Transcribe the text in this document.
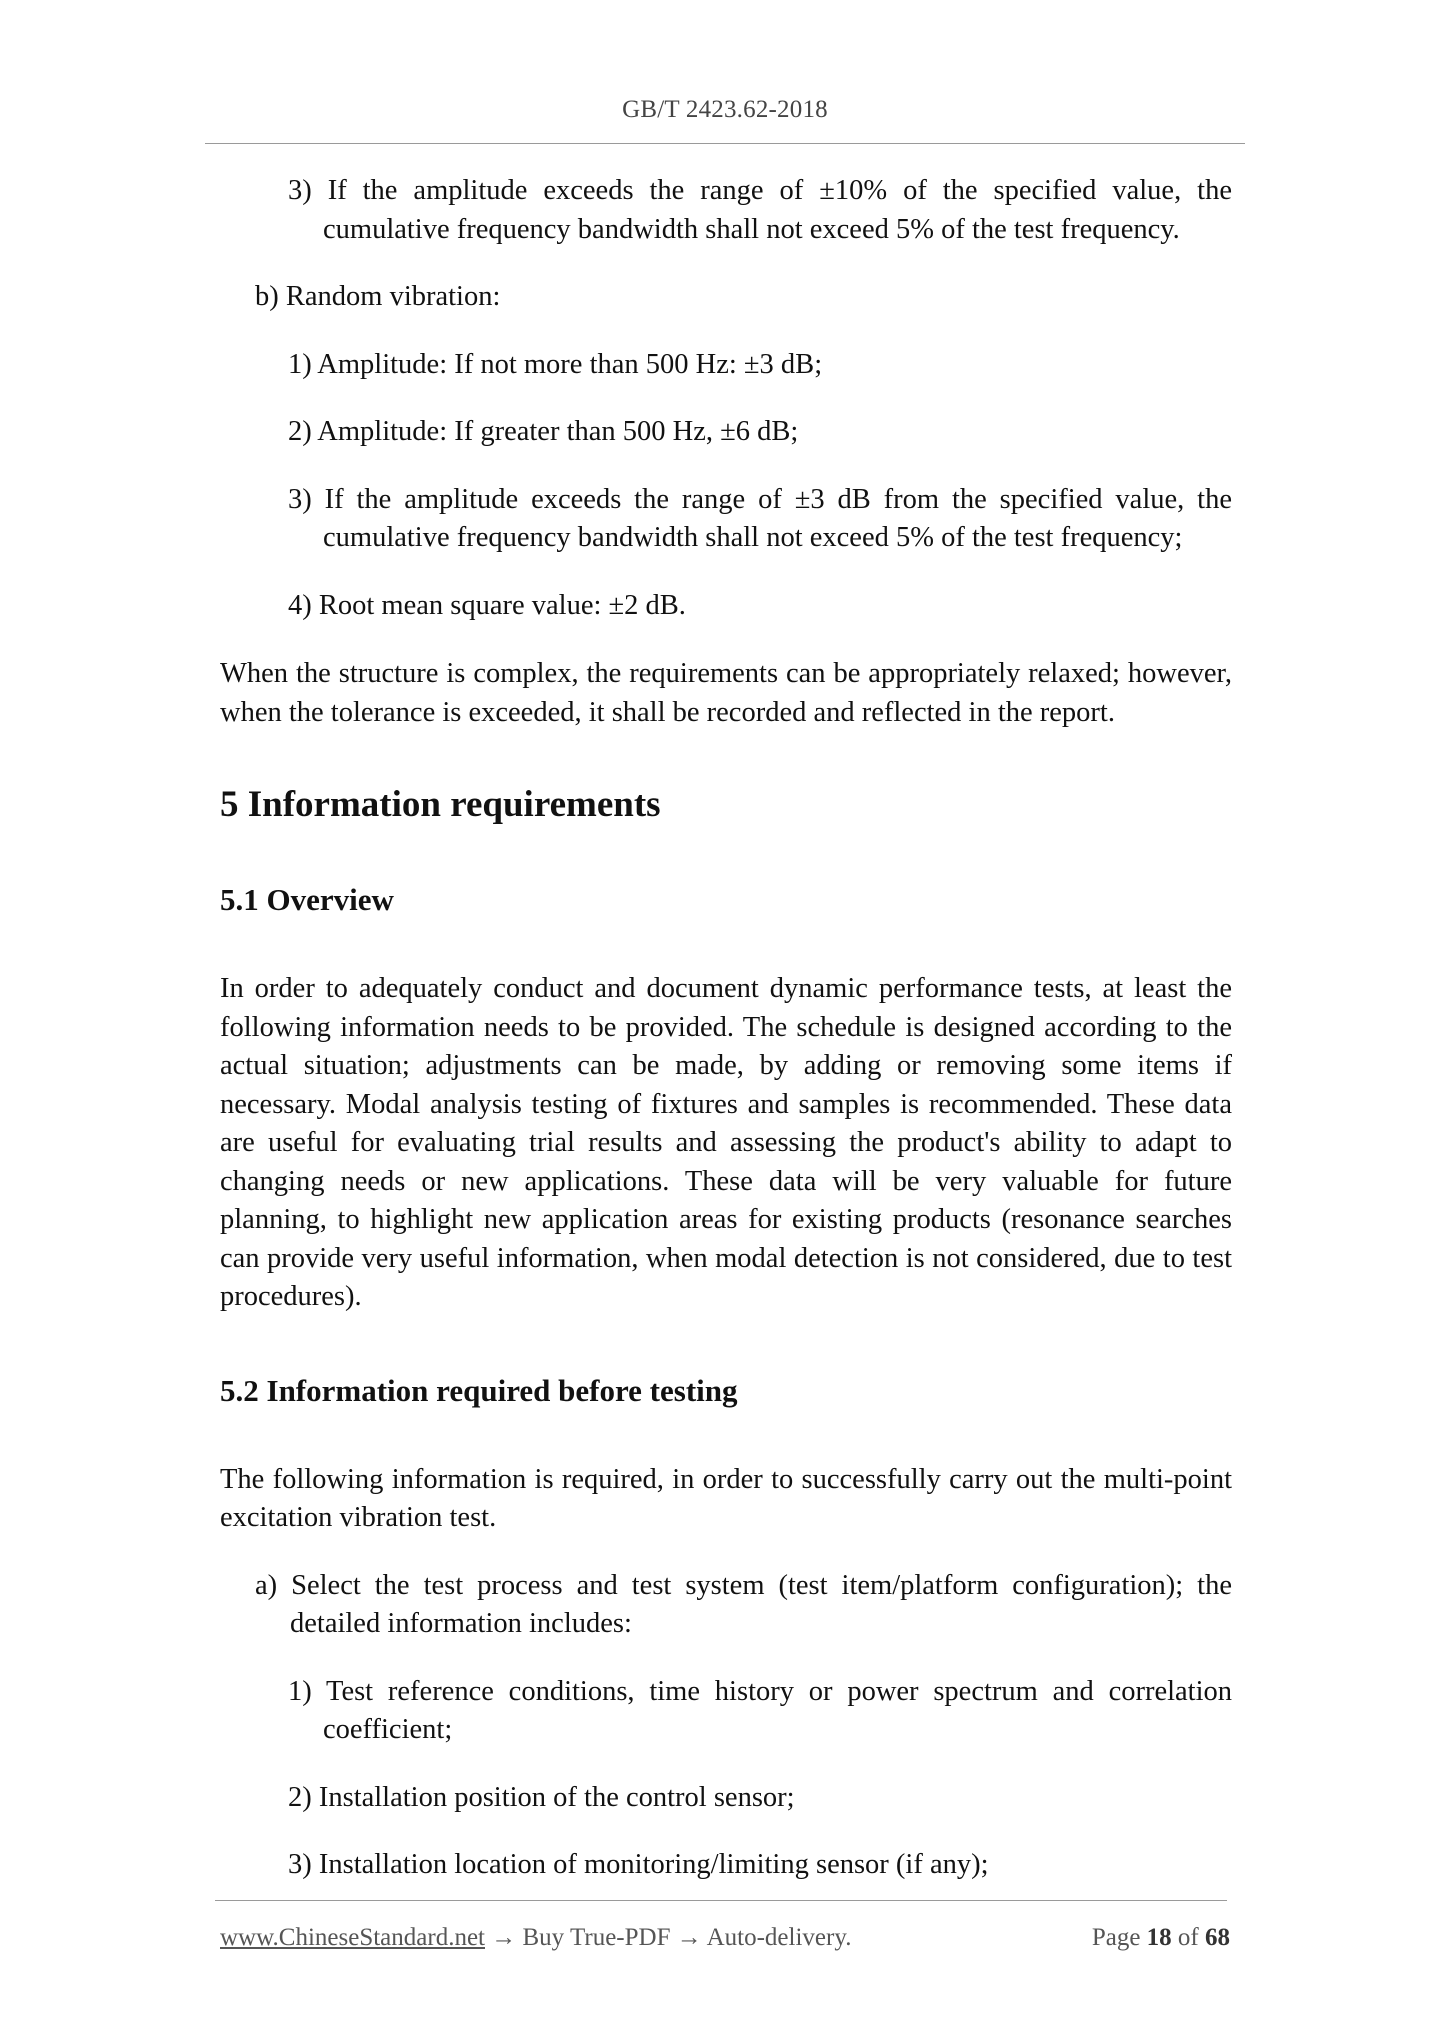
GB/T 2423.62-2018

3) If the amplitude exceeds the range of ±10% of the specified value, the cumulative frequency bandwidth shall not exceed 5% of the test frequency.

b) Random vibration:

1) Amplitude: If not more than 500 Hz: ±3 dB;

2) Amplitude: If greater than 500 Hz, ±6 dB;

3) If the amplitude exceeds the range of ±3 dB from the specified value, the cumulative frequency bandwidth shall not exceed 5% of the test frequency;

4) Root mean square value: ±2 dB.

When the structure is complex, the requirements can be appropriately relaxed; however, when the tolerance is exceeded, it shall be recorded and reflected in the report.

5 Information requirements
5.1 Overview

In order to adequately conduct and document dynamic performance tests, at least the following information needs to be provided. The schedule is designed according to the actual situation; adjustments can be made, by adding or removing some items if necessary. Modal analysis testing of fixtures and samples is recommended. These data are useful for evaluating trial results and assessing the product's ability to adapt to changing needs or new applications. These data will be very valuable for future planning, to highlight new application areas for existing products (resonance searches can provide very useful information, when modal detection is not considered, due to test procedures).

5.2 Information required before testing

The following information is required, in order to successfully carry out the multi-point excitation vibration test.

a) Select the test process and test system (test item/platform configuration); the detailed information includes:

1) Test reference conditions, time history or power spectrum and correlation coefficient;

2) Installation position of the control sensor;

3) Installation location of monitoring/limiting sensor (if any);

www.ChineseStandard.net → Buy True-PDF → Auto-delivery.	Page 18 of 68
